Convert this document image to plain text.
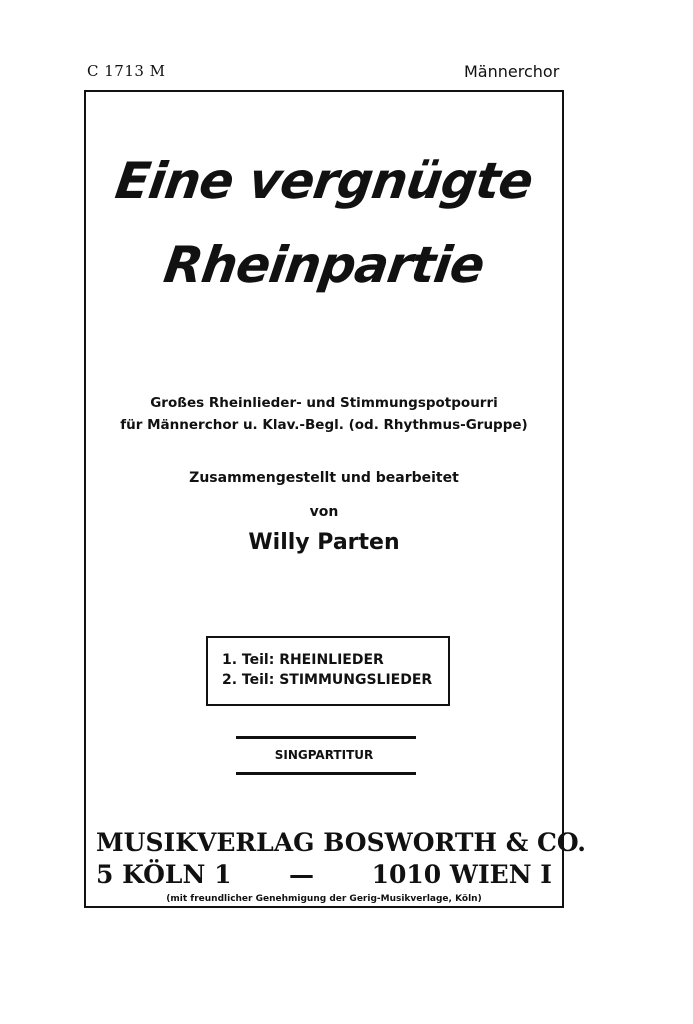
C 1713 M	Männerchor
Eine vergnügte
Rheinpartie
Großes Rheinlieder- und Stimmungspotpourri
für Männerchor u. Klav.-Begl. (od. Rhythmus-Gruppe)
Zusammengestellt und bearbeitet
von
Willy Parten
1. Teil: RHEINLIEDER
2. Teil: STIMMUNGSLIEDER
SINGPARTITUR
MUSIKVERLAG BOSWORTH & CO.
5 KÖLN 1 — 1010 WIEN I
(mit freundlicher Genehmigung der Gerig-Musikverlage, Köln)
